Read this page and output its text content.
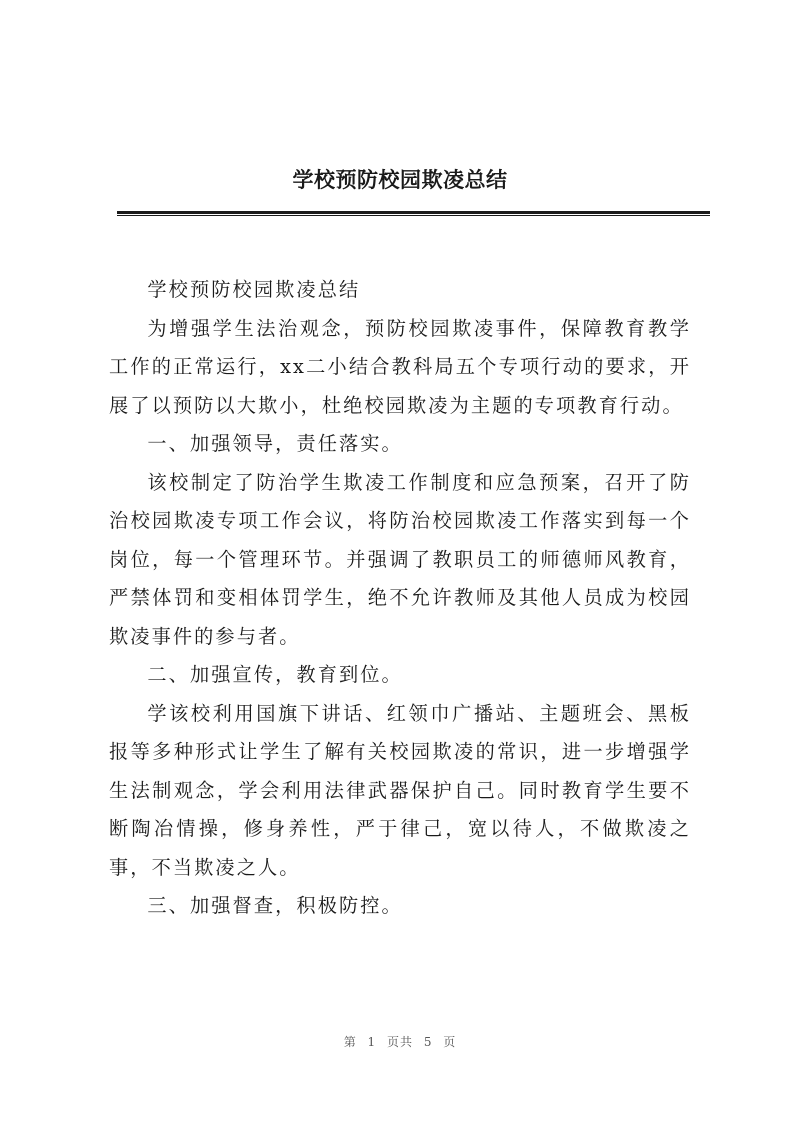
学校预防校园欺凌总结

学校预防校园欺凌总结

为增强学生法治观念，预防校园欺凌事件，保障教育教学工作的正常运行，xx二小结合教科局五个专项行动的要求，开展了以预防以大欺小，杜绝校园欺凌为主题的专项教育行动。

一、加强领导，责任落实。

该校制定了防治学生欺凌工作制度和应急预案，召开了防治校园欺凌专项工作会议，将防治校园欺凌工作落实到每一个岗位，每一个管理环节。并强调了教职员工的师德师风教育，严禁体罚和变相体罚学生，绝不允许教师及其他人员成为校园欺凌事件的参与者。

二、加强宣传，教育到位。

学该校利用国旗下讲话、红领巾广播站、主题班会、黑板报等多种形式让学生了解有关校园欺凌的常识，进一步增强学生法制观念，学会利用法律武器保护自己。同时教育学生要不断陶冶情操，修身养性，严于律己，宽以待人，不做欺凌之事，不当欺凌之人。

三、加强督查，积极防控。

第 1 页共 5 页
